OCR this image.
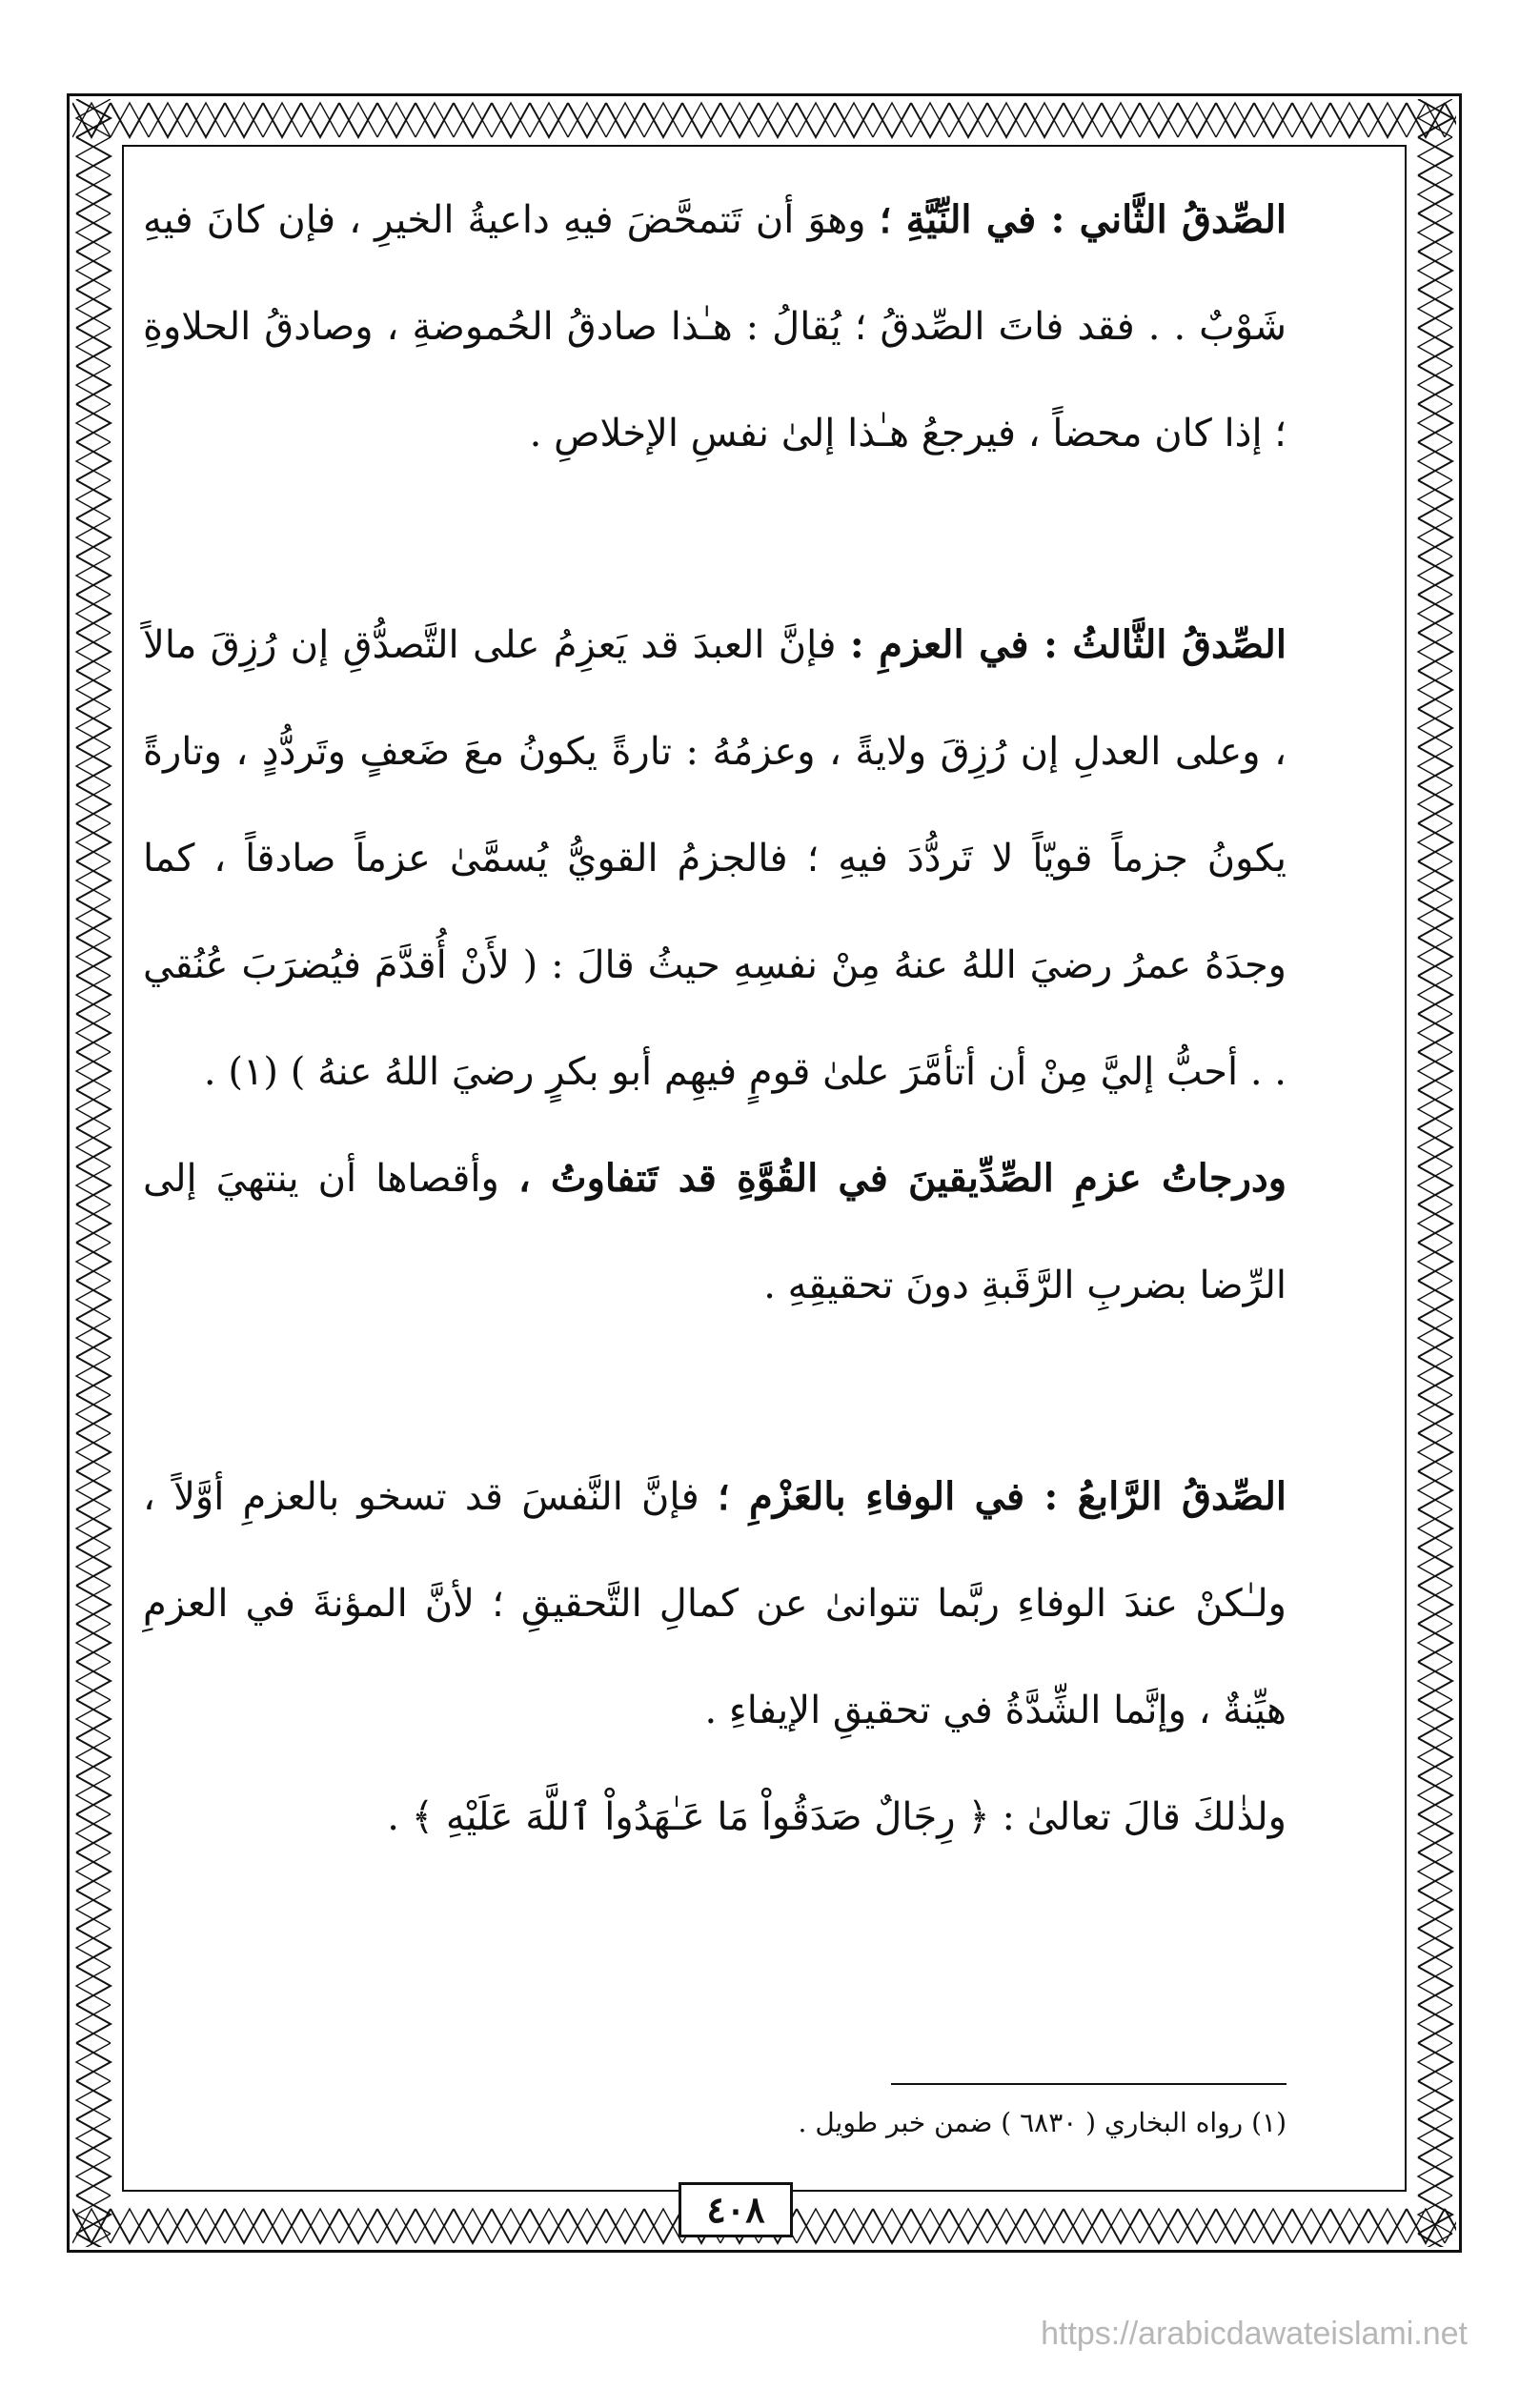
الصِّدقُ الثَّاني : في النِّيَّةِ ؛ وهوَ أن تَتمحَّضَ فيهِ داعيةُ الخيرِ ، فإن كانَ فيهِ شَوْبٌ . . فقد فاتَ الصِّدقُ ؛ يُقالُ : هـٰذا صادقُ الحُموضةِ ، وصادقُ الحلاوةِ ؛ إذا كان محضاً ، فيرجعُ هـٰذا إلىٰ نفسِ الإخلاصِ .

الصِّدقُ الثَّالثُ : في العزمِ : فإنَّ العبدَ قد يَعزِمُ على التَّصدُّقِ إن رُزِقَ مالاً ، وعلى العدلِ إن رُزِقَ ولايةً ، وعزمُهُ : تارةً يكونُ معَ ضَعفٍ وتَردُّدٍ ، وتارةً يكونُ جزماً قويّاً لا تَردُّدَ فيهِ ؛ فالجزمُ القويُّ يُسمَّىٰ عزماً صادقاً ، كما وجدَهُ عمرُ رضيَ اللهُ عنهُ مِنْ نفسِهِ حيثُ قالَ : ( لأَنْ أُقدَّمَ فيُضرَبَ عُنُقي . . أحبُّ إليَّ مِنْ أن أتأمَّرَ علىٰ قومٍ فيهِم أبو بكرٍ رضيَ اللهُ عنهُ ) (١) .

ودرجاتُ عزمِ الصِّدِّيقينَ في القُوَّةِ قد تَتفاوتُ ، وأقصاها أن ينتهيَ إلى الرِّضا بضربِ الرَّقَبةِ دونَ تحقيقِهِ .

الصِّدقُ الرَّابعُ : في الوفاءِ بالعَزْمِ ؛ فإنَّ النَّفسَ قد تسخو بالعزمِ أوَّلاً ، ولـٰكنْ عندَ الوفاءِ ربَّما تتوانىٰ عن كمالِ التَّحقيقِ ؛ لأنَّ المؤنةَ في العزمِ هيِّنةٌ ، وإنَّما الشِّدَّةُ في تحقيقِ الإيفاءِ .

ولذٰلكَ قالَ تعالىٰ : ﴿ رِجَالٌ صَدَقُواْ مَا عَـٰهَدُواْ ٱللَّهَ عَلَيْهِ ﴾ .

(١) رواه البخاري ( ٦٨٣٠ ) ضمن خبر طويل .
٤٠٨
https://arabicdawateislami.net
